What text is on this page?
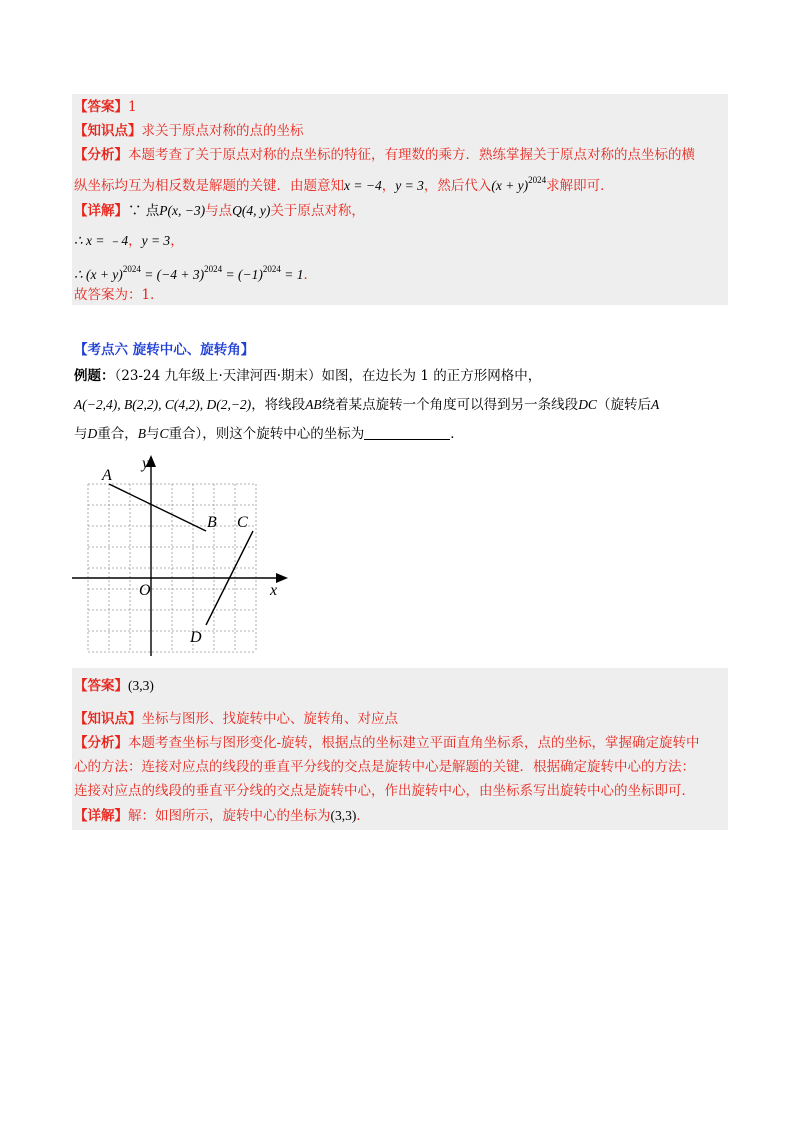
【答案】1
【知识点】求关于原点对称的点的坐标
【分析】本题考查了关于原点对称的点坐标的特征，有理数的乘方．熟练掌握关于原点对称的点坐标的横
纵坐标均互为相反数是解题的关键．由题意知x = −4，y = 3，然后代入$(x + y)^{2024}$求解即可．
【详解】∵ 点P(x, −3)与点Q(4, y)关于原点对称，
∴ x = ﹣4，y = 3，
∴ $(x + y)^{2024} = (-4 + 3)^{2024} = (-1)^{2024} = 1$．
故答案为：1．
【考点六 旋转中心、旋转角】
例题：（23-24 九年级上·天津河西·期末）如图，在边长为 1 的正方形网格中，
A(−2,4), B(2,2), C(4,2), D(2,−2)，将线段AB绕着某点旋转一个角度可以得到另一条线段DC（旋转后A
与D重合，B与C重合），则这个旋转中心的坐标为	．
y
A
B C
O	x
D
【答案】(3,3)
【知识点】坐标与图形、找旋转中心、旋转角、对应点
【分析】本题考查坐标与图形变化-旋转，根据点的坐标建立平面直角坐标系，点的坐标，掌握确定旋转中
心的方法：连接对应点的线段的垂直平分线的交点是旋转中心是解题的关键．根据确定旋转中心的方法：
连接对应点的线段的垂直平分线的交点是旋转中心，作出旋转中心，由坐标系写出旋转中心的坐标即可．
【详解】解：如图所示，旋转中心的坐标为(3,3)．
